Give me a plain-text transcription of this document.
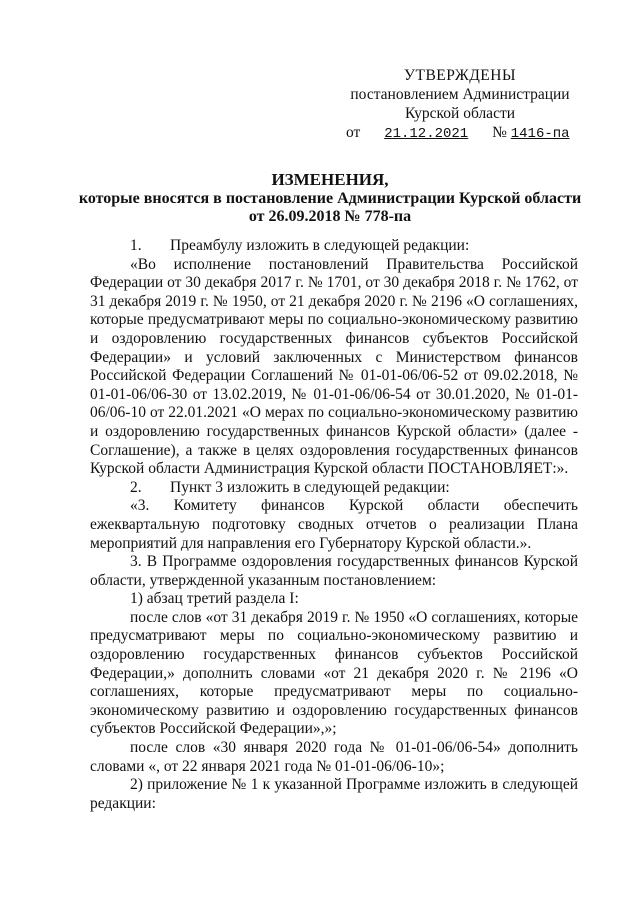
УТВЕРЖДЕНЫ
постановлением Администрации
Курской области
от 21.12.2021 № 1416-па
ИЗМЕНЕНИЯ,
которые вносятся в постановление Администрации Курской области
от 26.09.2018 № 778-па

1. Преамбулу изложить в следующей редакции:

«Во исполнение постановлений Правительства Российской Федерации от 30 декабря 2017 г. № 1701, от 30 декабря 2018 г. № 1762, от 31 декабря 2019 г. № 1950, от 21 декабря 2020 г. № 2196 «О соглашениях, которые предусматривают меры по социально-экономическому развитию и оздоровлению государственных финансов субъектов Российской Федерации» и условий заключенных с Министерством финансов Российской Федерации Соглашений № 01-01-06/06-52 от 09.02.2018, № 01-01-06/06-30 от 13.02.2019, № 01-01-06/06-54 от 30.01.2020, № 01-01-06/06-10 от 22.01.2021 «О мерах по социально-экономическому развитию и оздоровлению государственных финансов Курской области» (далее - Соглашение), а также в целях оздоровления государственных финансов Курской области Администрация Курской области ПОСТАНОВЛЯЕТ:».

2. Пункт 3 изложить в следующей редакции:

«3. Комитету финансов Курской области обеспечить ежеквартальную подготовку сводных отчетов о реализации Плана мероприятий для направления его Губернатору Курской области.».

3. В Программе оздоровления государственных финансов Курской области, утвержденной указанным постановлением:

1) абзац третий раздела I:

после слов «от 31 декабря 2019 г. № 1950 «О соглашениях, которые предусматривают меры по социально-экономическому развитию и оздоровлению государственных финансов субъектов Российской Федерации,» дополнить словами «от 21 декабря 2020 г. № 2196 «О соглашениях, которые предусматривают меры по социально-экономическому развитию и оздоровлению государственных финансов субъектов Российской Федерации»,»;

после слов «30 января 2020 года № 01-01-06/06-54» дополнить словами «, от 22 января 2021 года № 01-01-06/06-10»;

2) приложение № 1 к указанной Программе изложить в следующей редакции:
